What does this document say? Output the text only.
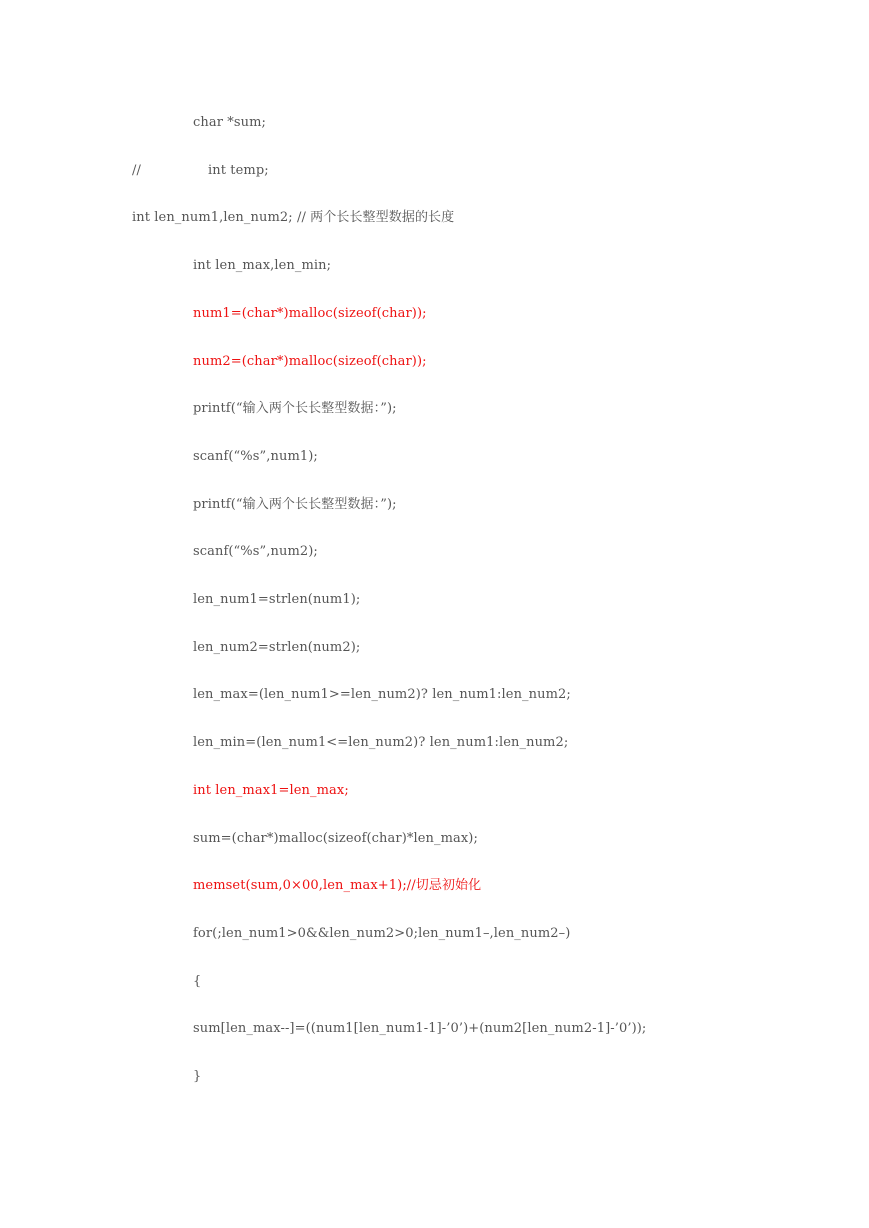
char *sum;

//	int temp;

int len_num1,len_num2; // 两个长长整型数据的长度

int len_max,len_min;

num1=(char*)malloc(sizeof(char));

num2=(char*)malloc(sizeof(char));

printf(“输入两个长长整型数据：”);

scanf(“%s”,num1);

printf(“输入两个长长整型数据：”);

scanf(“%s”,num2);

len_num1=strlen(num1);

len_num2=strlen(num2);

len_max=(len_num1>=len_num2)? len_num1:len_num2;

len_min=(len_num1<=len_num2)? len_num1:len_num2;

int len_max1=len_max;

sum=(char*)malloc(sizeof(char)*len_max);

memset(sum,0×00,len_max+1);//切忌初始化

for(;len_num1>0&&len_num2>0;len_num1–,len_num2–)

{

sum[len_max--]=((num1[len_num1-1]-’0’)+(num2[len_num2-1]-’0’));

}
